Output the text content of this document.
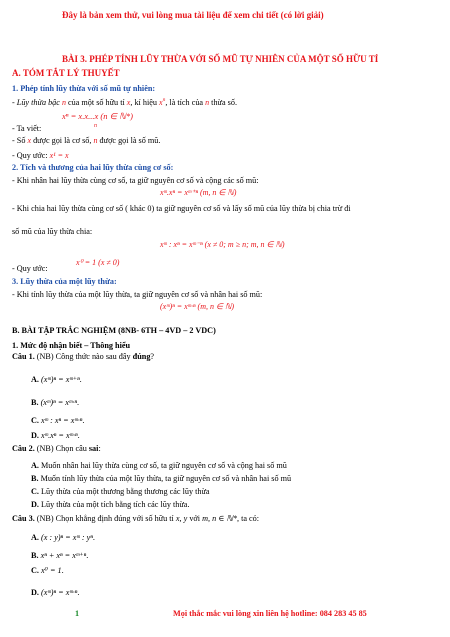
Đây là bản xem thử, vui lòng mua tài liệu để xem chi tiết (có lời giải)
BÀI 3. PHÉP TÍNH LŨY THỪA VỚI SỐ MŨ TỰ NHIÊN CỦA MỘT SỐ HỮU TỈ
A. TÓM TẮT LÝ THUYẾT
1. Phép tính lũy thừa với số mũ tự nhiên:
- Lũy thừa bậc n của một số hữu tỉ x, kí hiệu $x^n$, là tích của n thừa số.
xⁿ = x.x...x (n ∈ ℕ*)
- Ta viết:	n
- Số x được gọi là cơ số, n được gọi là số mũ.
- Quy ước: x¹ = x
2. Tích và thương của hai lũy thừa cùng cơ số:
- Khi nhân hai lũy thừa cùng cơ số, ta giữ nguyên cơ số và cộng các số mũ:
xᵐ.xⁿ = xᵐ⁺ⁿ (m, n ∈ ℕ)
- Khi chia hai lũy thừa cùng cơ số ( khác 0) ta giữ nguyên cơ số và lấy số mũ của lũy thừa bị chia trừ đi
số mũ của lũy thừa chia:
xᵐ : xⁿ = xᵐ⁻ⁿ (x ≠ 0; m ≥ n; m, n ∈ ℕ)
- Quy ước:
x⁰ = 1 (x ≠ 0)
3. Lũy thừa của một lũy thừa:
- Khi tính lũy thừa của một lũy thừa, ta giữ nguyên cơ số và nhân hai số mũ:
(xᵐ)ⁿ = xᵐ·ⁿ (m, n ∈ ℕ)
B. BÀI TẬP TRẮC NGHIỆM (8NB- 6TH – 4VD – 2 VDC)
1. Mức độ nhận biết – Thông hiểu
Câu 1. (NB) Công thức nào sau đây đúng?
A. (xᵐ)ⁿ = xᵐ⁺ⁿ.
B. (xᵐ)ⁿ = xᵐ·ⁿ.
C. xᵐ : xⁿ = xᵐ·ⁿ.
D. xᵐ.xⁿ = xᵐ·ⁿ.
Câu 2. (NB) Chọn câu sai:
A. Muốn nhân hai lũy thừa cùng cơ số, ta giữ nguyên cơ số và cộng hai số mũ
B. Muốn tính lũy thừa của một lũy thừa, ta giữ nguyên cơ số và nhân hai số mũ
C. Lũy thừa của một thương bằng thương các lũy thừa
D. Lũy thừa của một tích bằng tích các lũy thừa.
Câu 3. (NB) Chọn khẳng định đúng với số hữu tỉ x, y với m, n ∈ ℕ*, ta có:
A. (x : y)ⁿ = xᵐ : yⁿ.
B. xⁿ + xⁿ = xᵐ⁺ⁿ.
C. x⁰ = 1.
D. (xᵐ)ⁿ = xᵐ·ⁿ.
1	Mọi thắc mắc vui lòng xin liên hệ hotline: 084 283 45 85
